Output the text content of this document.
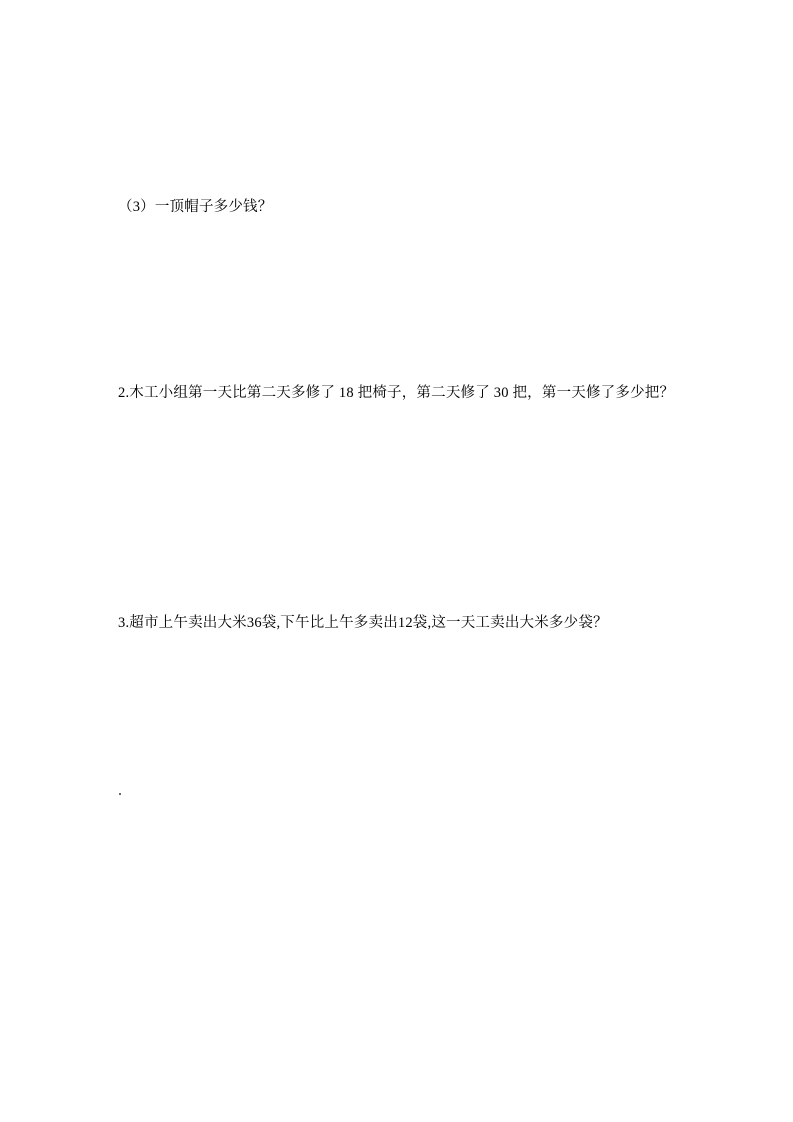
（3）一顶帽子多少钱？
2.木工小组第一天比第二天多修了 18 把椅子，第二天修了 30 把，第一天修了多少把？
3.超市上午卖出大米36袋,下午比上午多卖出12袋,这一天工卖出大米多少袋？
